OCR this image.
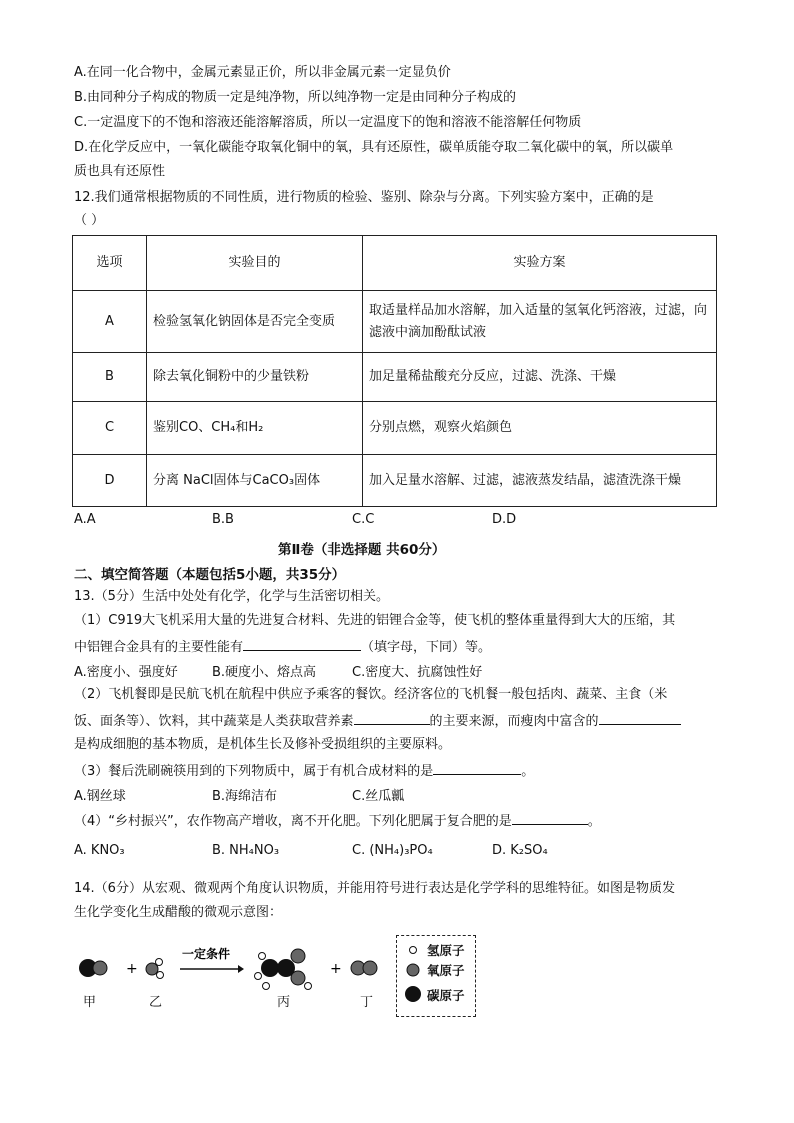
A.在同一化合物中，金属元素显正价，所以非金属元素一定显负价
B.由同种分子构成的物质一定是纯净物，所以纯净物一定是由同种分子构成的
C.一定温度下的不饱和溶液还能溶解溶质，所以一定温度下的饱和溶液不能溶解任何物质
D.在化学反应中，一氧化碳能夺取氧化铜中的氧，具有还原性，碳单质能夺取二氧化碳中的氧，所以碳单
质也具有还原性
12.我们通常根据物质的不同性质，进行物质的检验、鉴别、除杂与分离。下列实验方案中，正确的是
（ ）
选项	实验目的	实验方案
A	检验氢氧化钠固体是否完全变质	取适量样品加水溶解，加入适量的氢氧化钙溶液，过滤，向滤液中滴加酚酞试液
B	除去氧化铜粉中的少量铁粉	加足量稀盐酸充分反应，过滤、洗涤、干燥
C	鉴别CO、CH₄和H₂	分别点燃，观察火焰颜色
D	分离 NaCl固体与CaCO₃固体	加入足量水溶解、过滤，滤液蒸发结晶，滤渣洗涤干燥
A.A	B.B	C.C	D.D
第Ⅱ卷（非选择题 共60分）
二、填空简答题（本题包括5小题，共35分）
13.（5分）生活中处处有化学，化学与生活密切相关。
（1）C919大飞机采用大量的先进复合材料、先进的铝锂合金等，使飞机的整体重量得到大大的压缩，其
中铝锂合金具有的主要性能有	（填字母，下同）等。
A.密度小、强度好	B.硬度小、熔点高	C.密度大、抗腐蚀性好
（2）飞机餐即是民航飞机在航程中供应予乘客的餐饮。经济客位的飞机餐一般包括肉、蔬菜、主食（米
饭、面条等）、饮料，其中蔬菜是人类获取营养素	的主要来源，而瘦肉中富含的
是构成细胞的基本物质，是机体生长及修补受损组织的主要原料。
（3）餐后洗刷碗筷用到的下列物质中，属于有机合成材料的是	。
A.钢丝球	B.海绵洁布	C.丝瓜瓤
（4）“乡村振兴”，农作物高产增收，离不开化肥。下列化肥属于复合肥的是	。
A. KNO₃	B. NH₄NO₃	C. (NH₄)₃PO₄	D. K₂SO₄
14.（6分）从宏观、微观两个角度认识物质，并能用符号进行表达是化学学科的思维特征。如图是物质发
生化学变化生成醋酸的微观示意图：
+
一定条件
+
甲	乙	丙	丁
氢原子
氧原子
碳原子
